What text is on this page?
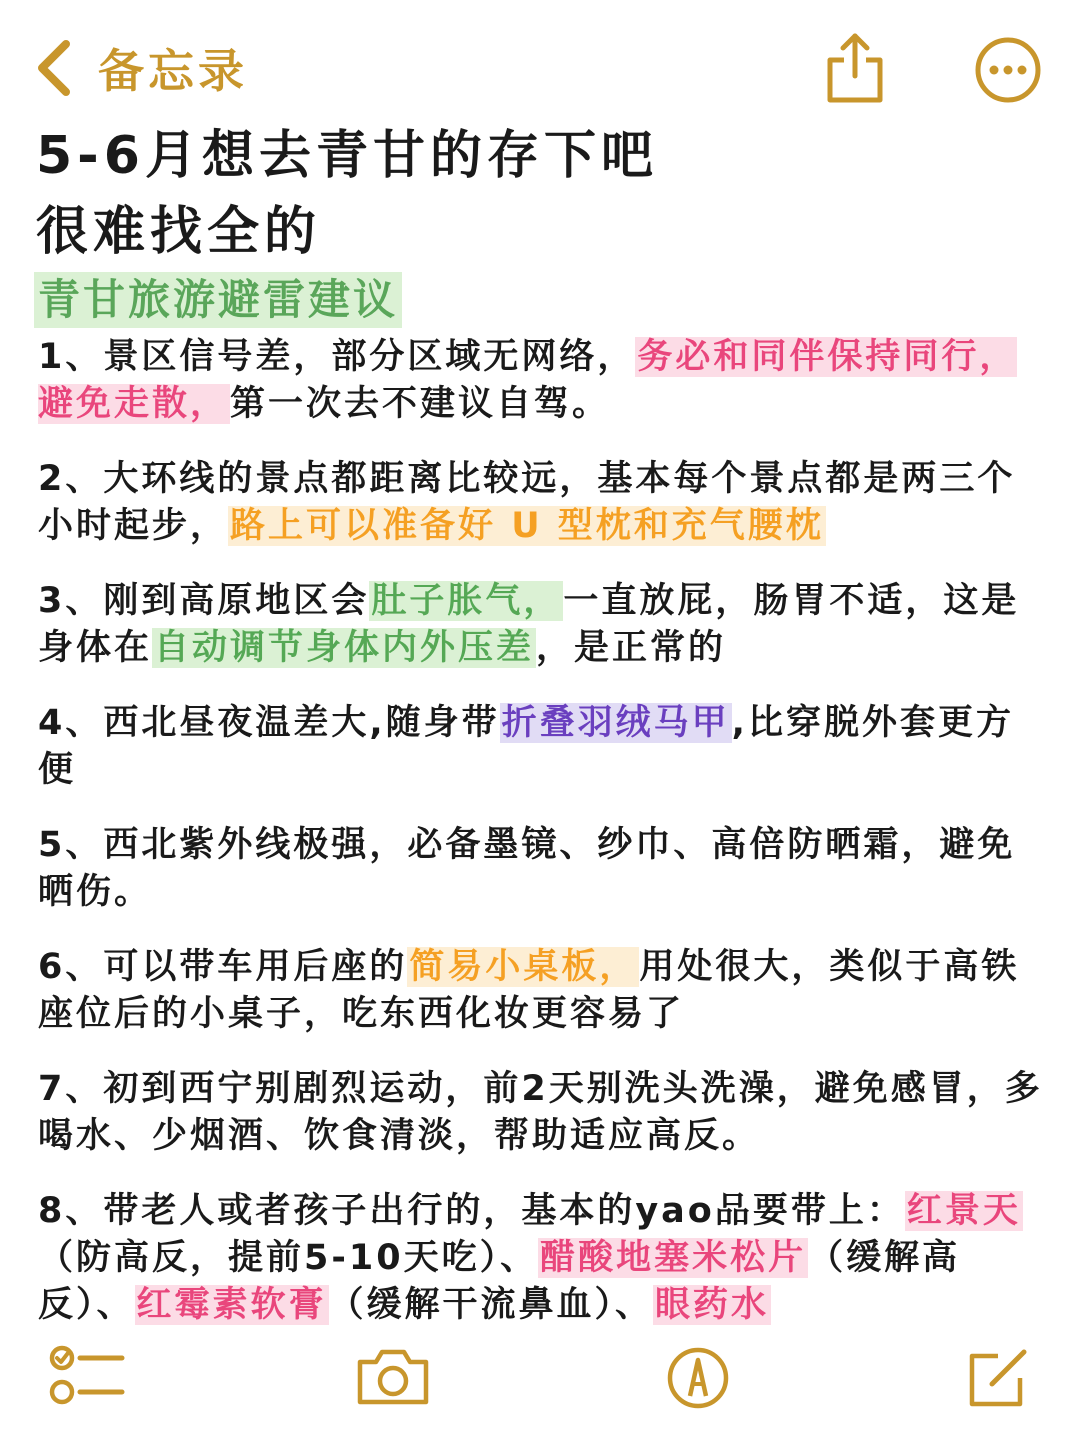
备忘录
5-6月想去青甘的存下吧
很难找全的
青甘旅游避雷建议
1、景区信号差，部分区域无网络，务必和同伴保持同行，避免走散，第一次去不建议自驾。
2、大环线的景点都距离比较远，基本每个景点都是两三个小时起步，路上可以准备好 U 型枕和充气腰枕
3、刚到高原地区会肚子胀气，一直放屁，肠胃不适，这是身体在自动调节身体内外压差，是正常的
4、西北昼夜温差大,随身带折叠羽绒马甲,比穿脱外套更方便
5、西北紫外线极强，必备墨镜、纱巾、高倍防晒霜，避免晒伤。
6、可以带车用后座的简易小桌板，用处很大，类似于高铁座位后的小桌子，吃东西化妆更容易了
7、初到西宁别剧烈运动，前2天别洗头洗澡，避免感冒，多喝水、少烟酒、饮食清淡，帮助适应高反。
8、带老人或者孩子出行的，基本的yao品要带上：红景天（防高反，提前5-10天吃）、醋酸地塞米松片（缓解高反）、红霉素软膏（缓解干流鼻血）、眼药水
